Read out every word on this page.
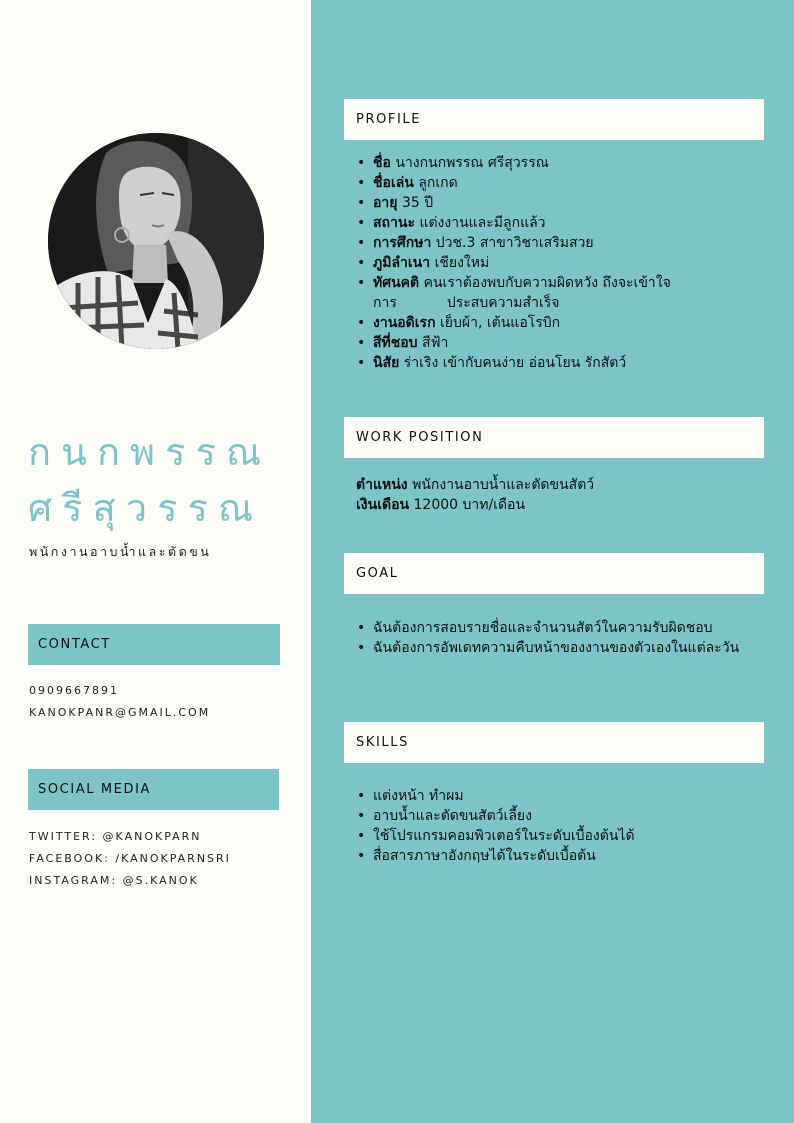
กนกพรรณ
ศรีสุวรรณ
พนักงานอาบน้ำและตัดขน
CONTACT
0909667891
KANOKPANR@GMAIL.COM
SOCIAL MEDIA
TWITTER: @KANOKPARN
FACEBOOK: /KANOKPARNSRI
INSTAGRAM: @S.KANOK
PROFILE
• ชื่อ นางกนกพรรณ ศรีสุวรรณ
• ชื่อเล่น ลูกเกด
• อายุ 35 ปี
• สถานะ แต่งงานและมีลูกแล้ว
• การศึกษา ปวช.3 สาขาวิชาเสริมสวย
• ภูมิลำเนา เชียงใหม่
• ทัศนคติ คนเราต้องพบกับความผิดหวัง ถึงจะเข้าใจ
การ	ประสบความสำเร็จ
• งานอดิเรก เย็บผ้า, เต้นแอโรบิก
• สีที่ชอบ สีฟ้า
• นิสัย ร่าเริง เข้ากับคนง่าย อ่อนโยน รักสัตว์
WORK POSITION
ตำแหน่ง พนักงานอาบน้ำและตัดขนสัตว์
เงินเดือน 12000 บาท/เดือน
GOAL
• ฉันต้องการสอบรายชื่อและจำนวนสัตว์ในความรับผิดชอบ
• ฉันต้องการอัพเดทความคืบหน้าของงานของตัวเองในแต่ละวัน
SKILLS
• แต่งหน้า ทำผม
• อาบน้ำและตัดขนสัตว์เลี้ยง
• ใช้โปรแกรมคอมพิวเตอร์ในระดับเบื้องต้นได้
• สื่อสารภาษาอังกฤษได้ในระดับเบื้อต้น
